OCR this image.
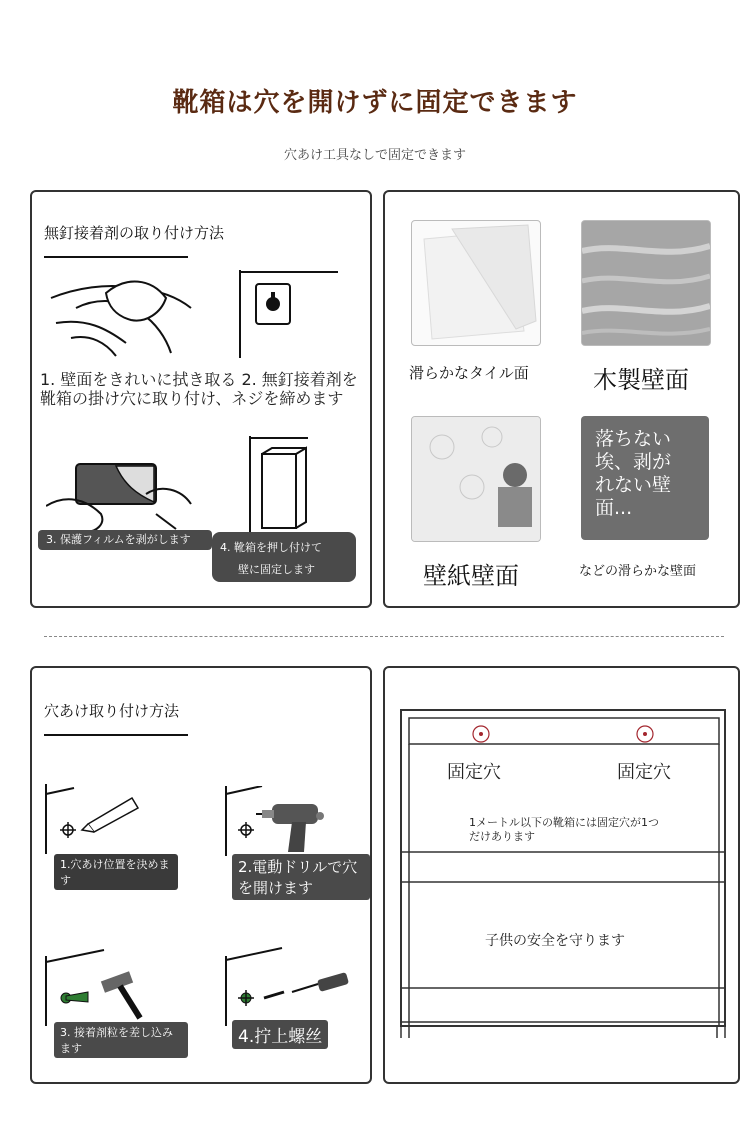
靴箱は穴を開けずに固定できます
穴あけ工具なしで固定できます
無釘接着剤の取り付け方法
1. 壁面をきれいに拭き取る 2. 無釘接着剤を靴箱の掛け穴に取り付け、ネジを締めます
3. 保護フィルムを剥がします
4. 靴箱を押し付けて
壁に固定します
滑らかなタイル面	木製壁面
壁紙壁面
落ちない埃、剥がれない壁面...
などの滑らかな壁面
穴あけ取り付け方法
1.穴あけ位置を決めます
2.電動ドリルで穴を開けます
3. 接着剤粒を差し込みます
4.拧上螺丝
固定穴	固定穴
1メートル以下の靴箱には固定穴が1つだけあります
子供の安全を守ります
